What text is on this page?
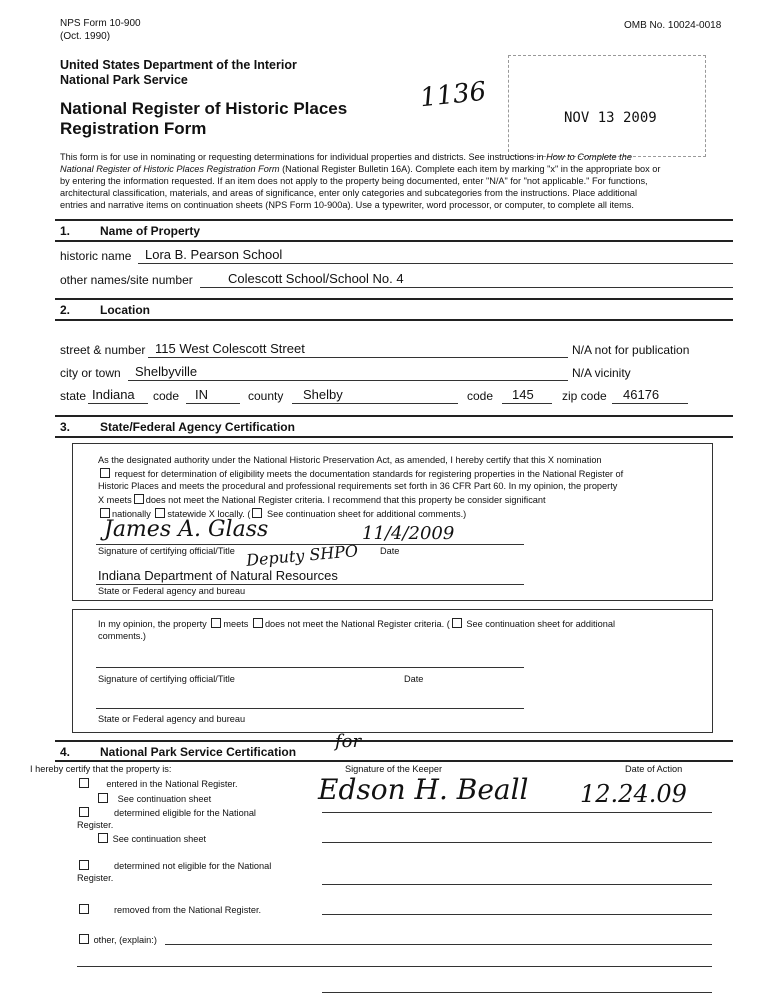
NPS Form 10-900
(Oct. 1990)
OMB No. 10024-0018
United States Department of the Interior
National Park Service
National Register of Historic Places
Registration Form
1136
NOV 13 2009
This form is for use in nominating or requesting determinations for individual properties and districts. See instructions in How to Complete the
National Register of Historic Places Registration Form (National Register Bulletin 16A). Complete each item by marking "x" in the appropriate box or
by entering the information requested. If an item does not apply to the property being documented, enter "N/A" for "not applicable." For functions,
architectural classification, materials, and areas of significance, enter only categories and subcategories from the instructions. Place additional
entries and narrative items on continuation sheets (NPS Form 10-900a). Use a typewriter, word processor, or computer, to complete all items.
1. Name of Property
historic name Lora B. Pearson School
other names/site number	Colescott School/School No. 4
2. Location
street & number 115 West Colescott Street	N/A not for publication
city or town Shelbyville	N/A vicinity
state Indiana code IN	county Shelby	code 145 zip code 46176
3. State/Federal Agency Certification
As the designated authority under the National Historic Preservation Act, as amended, I hereby certify that this X nomination
request for determination of eligibility meets the documentation standards for registering properties in the National Register of
Historic Places and meets the procedural and professional requirements set forth in 36 CFR Part 60. In my opinion, the property
X meets does not meet the National Register criteria. I recommend that this property be consider significant
nationally statewide X locally. ( See continuation sheet for additional comments.)
James A. Glass	11/4/2009
Signature of certifying official/Title	Date
Deputy SHPO
Indiana Department of Natural Resources
State or Federal agency and bureau
In my opinion, the property meets does not meet the National Register criteria. ( See continuation sheet for additional
comments.)
Signature of certifying official/Title	Date
State or Federal agency and bureau
4. National Park Service Certification for
I hereby certify that the property is:	Signature of the Keeper	Date of Action
Edson H. Beall 12.24.09
entered in the National Register.
See continuation sheet
determined eligible for the National
Register.
See continuation sheet
determined not eligible for the National
Register.
removed from the National Register.
other, (explain:)
